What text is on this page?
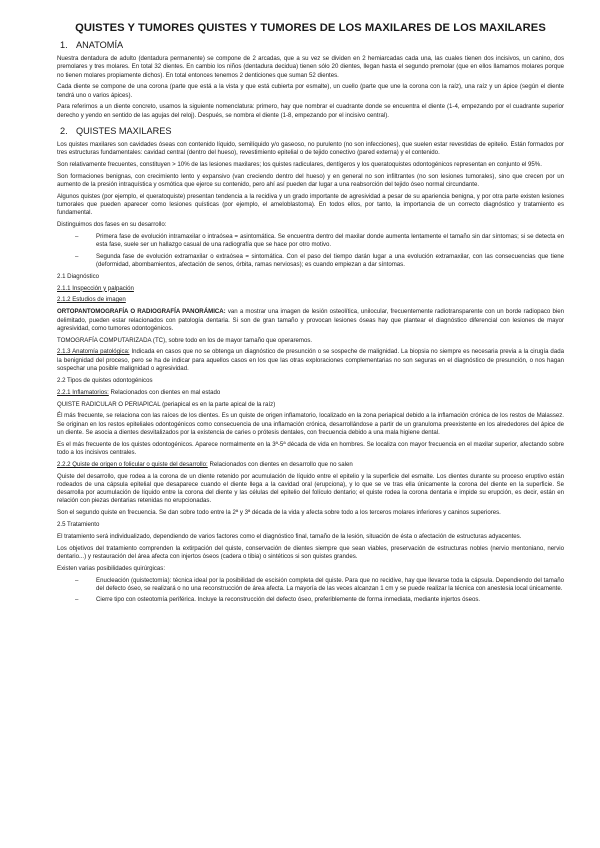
QUISTES Y TUMORES QUISTES Y TUMORES DE LOS MAXILARES DE LOS MAXILARES
1. ANATOMÍA

Nuestra dentadura de adulto (dentadura permanente) se compone de 2 arcadas, que a su vez se dividen en 2 hemiarcadas cada una, las cuales tienen dos incisivos, un canino, dos premolares y tres molares. En total 32 dientes. En cambio los niños (dentadura decidua) tienen sólo 20 dientes, llegan hasta el segundo premolar (que en ellos llamamos molares porque no tienen molares propiamente dichos). En total entonces tenemos 2 denticiones que suman 52 dientes.

Cada diente se compone de una corona (parte que está a la vista y que está cubierta por esmalte), un cuello (parte que une la corona con la raíz), una raíz y un ápice (según el diente tendrá uno o varios ápices).

Para referirnos a un diente concreto, usamos la siguiente nomenclatura: primero, hay que nombrar el cuadrante donde se encuentra el diente (1-4, empezando por el cuadrante superior derecho y yendo en sentido de las agujas del reloj). Después, se nombra el diente (1-8, empezando por el incisivo central).

2. QUISTES MAXILARES

Los quistes maxilares son cavidades óseas con contenido líquido, semilíquido y/o gaseoso, no purulento (no son infecciones), que suelen estar revestidas de epitelio. Están formados por tres estructuras fundamentales: cavidad central (dentro del hueso), revestimiento epitelial o de tejido conectivo (pared externa) y el contenido.

Son relativamente frecuentes, constituyen > 10% de las lesiones maxilares; los quistes radiculares, dentígeros y los queratoquistes odontogénicos representan en conjunto el 95%.

Son formaciones benignas, con crecimiento lento y expansivo (van creciendo dentro del hueso) y en general no son infiltrantes (no son lesiones tumorales), sino que crecen por un aumento de la presión intraquística y osmótica que ejerce su contenido, pero ahí así pueden dar lugar a una reabsorción del tejido óseo normal circundante.

Algunos quistes (por ejemplo, el queratoquiste) presentan tendencia a la recidiva y un grado importante de agresividad a pesar de su apariencia benigna, y por otra parte existen lesiones tumorales que pueden aparecer como lesiones quísticas (por ejemplo, el ameloblastoma). En todos ellos, por tanto, la importancia de un correcto diagnóstico y tratamiento es fundamental.

Distinguimos dos fases en su desarrollo:

– Primera fase de evolución intramaxilar o intraósea = asintomática. Se encuentra dentro del maxilar donde aumenta lentamente el tamaño sin dar síntomas; si se detecta en esta fase, suele ser un hallazgo casual de una radiografía que se hace por otro motivo.
– Segunda fase de evolución extramaxilar o extraósea = sintomática. Con el paso del tiempo darán lugar a una evolución extramaxilar, con las consecuencias que tiene (deformidad, abombamientos, afectación de senos, órbita, ramas nerviosas); es cuando empiezan a dar síntomas.
2.1 Diagnóstico
2.1.1 Inspección y palpación
2.1.2 Estudios de imagen

ORTOPANTOMOGRAFÍA O RADIOGRAFÍA PANORÁMICA: van a mostrar una imagen de lesión osteolítica, unilocular, frecuentemente radiotransparente con un borde radiopaco bien delimitado, pueden estar relacionados con patología dentaria. Si son de gran tamaño y provocan lesiones óseas hay que plantear el diagnóstico diferencial con lesiones de mayor agresividad, como tumores odontogénicos.

TOMOGRAFÍA COMPUTARIZADA (TC), sobre todo en los de mayor tamaño que operaremos.

2.1.3 Anatomía patológica: Indicada en casos que no se obtenga un diagnóstico de presunción o se sospeche de malignidad. La biopsia no siempre es necesaria previa a la cirugía dada la benignidad del proceso, pero se ha de indicar para aquellos casos en los que las otras exploraciones complementarias no son seguras en el diagnóstico de presunción, o nos hagan sospechar una posible malignidad o agresividad.

2.2 Tipos de quistes odontogénicos

2.2.1 Inflamatorios: Relacionados con dientes en mal estado

QUISTE RADICULAR O PERIAPICAL (periapical es en la parte apical de la raíz)

Él más frecuente, se relaciona con las raíces de los dientes. Es un quiste de origen inflamatorio, localizado en la zona periapical debido a la inflamación crónica de los restos de Malassez. Se originan en los restos epiteliales odontogénicos como consecuencia de una inflamación crónica, desarrollándose a partir de un granuloma preexistente en los alrededores del ápice de un diente. Se asocia a dientes desvitalizados por la existencia de caries o prótesis dentales, con frecuencia debido a una mala higiene dental.

Es el más frecuente de los quistes odontogénicos. Aparece normalmente en la 3ª-5ª década de vida en hombres. Se localiza con mayor frecuencia en el maxilar superior, afectando sobre todo a los incisivos centrales.

2.2.2 Quiste de origen o folicular o quiste del desarrollo: Relacionados con dientes en desarrollo que no salen

Quiste del desarrollo, que rodea a la corona de un diente retenido por acumulación de líquido entre el epitelio y la superficie del esmalte. Los dientes durante su proceso eruptivo están rodeados de una cápsula epitelial que desaparece cuando el diente llega a la cavidad oral (erupciona), y lo que se ve tras ella únicamente la corona del diente en la superficie. Se desarrolla por acumulación de líquido entre la corona del diente y las células del epitelio del folículo dentario; el quiste rodea la corona dentaria e impide su erupción, es decir, están en relación con piezas dentarias retenidas no erupcionadas.

Son el segundo quiste en frecuencia. Se dan sobre todo entre la 2ª y 3ª década de la vida y afecta sobre todo a los terceros molares inferiores y caninos superiores.

2.5 Tratamiento

El tratamiento será individualizado, dependiendo de varios factores como el diagnóstico final, tamaño de la lesión, situación de ésta o afectación de estructuras adyacentes.

Los objetivos del tratamiento comprenden la extirpación del quiste, conservación de dientes siempre que sean viables, preservación de estructuras nobles (nervio mentoniano, nervio dentario...) y restauración del área afecta con injertos óseos (cadera o tibia) o sintéticos si son quistes grandes.

Existen varias posibilidades quirúrgicas:

– Enucleación (quistectomía): técnica ideal por la posibilidad de escisión completa del quiste. Para que no recidive, hay que llevarse toda la cápsula. Dependiendo del tamaño del defecto óseo, se realizará o no una reconstrucción de área afecta. La mayoría de las veces alcanzan 1 cm y se puede realizar la técnica con anestesia local únicamente.
– Cierre tipo con osteotomía periférica. Incluye la reconstrucción del defecto óseo, preferiblemente de forma inmediata, mediante injertos óseos.
